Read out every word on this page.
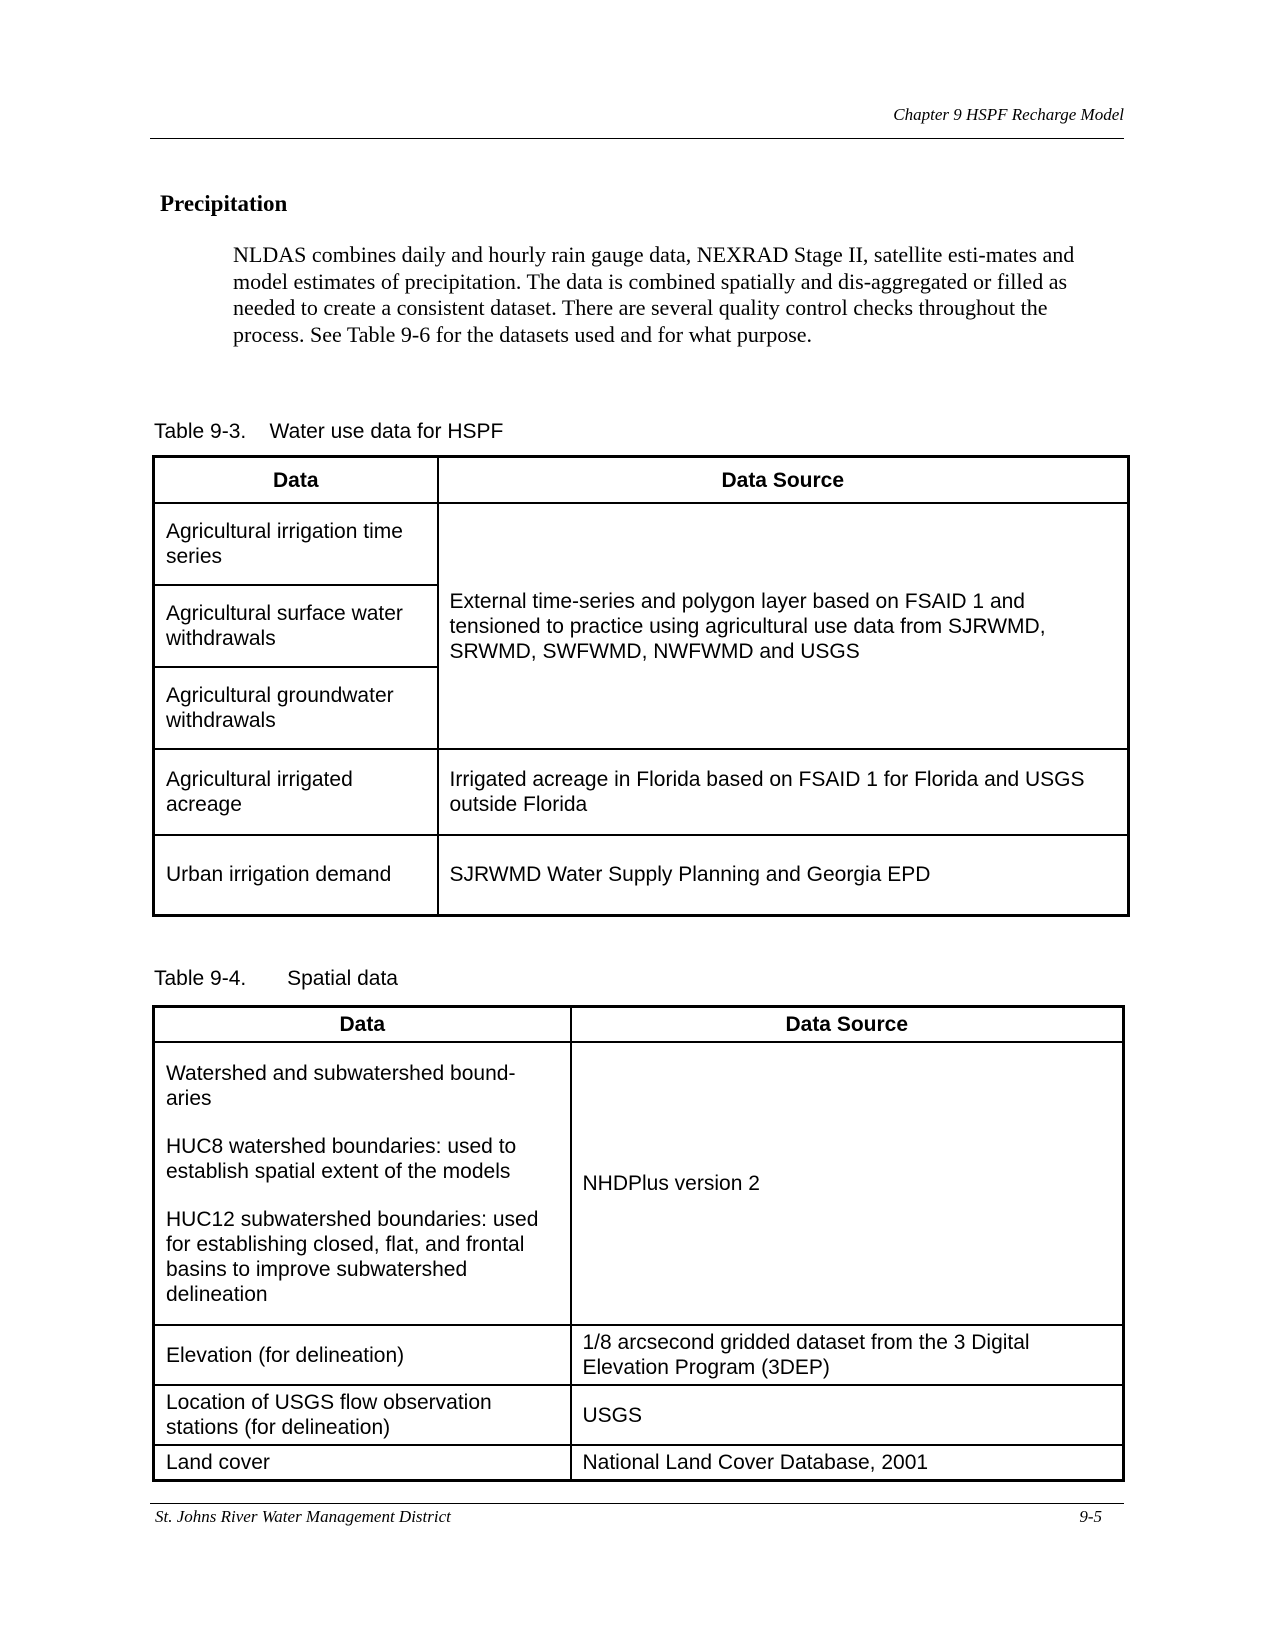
Chapter 9 HSPF Recharge Model
Precipitation

NLDAS combines daily and hourly rain gauge data, NEXRAD Stage II, satellite esti-mates and model estimates of precipitation. The data is combined spatially and dis-aggregated or filled as needed to create a consistent dataset. There are several quality control checks throughout the process. See Table 9-6 for the datasets used and for what purpose.

Table 9-3.    Water use data for HSPF
Data	Data Source
Agricultural irrigation time series	External time-series and polygon layer based on FSAID 1 and tensioned to practice using agricultural use data from SJRWMD, SRWMD, SWFWMD, NWFWMD and USGS
Agricultural surface water withdrawals	
Agricultural groundwater withdrawals	
Agricultural irrigated acreage	Irrigated acreage in Florida based on FSAID 1 for Florida and USGS outside Florida
Urban irrigation demand	SJRWMD Water Supply Planning and Georgia EPD
Table 9-4.       Spatial data
Data	Data Source

Watershed and subwatershed bound-aries

HUC8 watershed boundaries: used to establish spatial extent of the models

HUC12 subwatershed boundaries: used for establishing closed, flat, and frontal basins to improve subwatershed delineation	NHDPlus version 2
Elevation (for delineation)	1/8 arcsecond gridded dataset from the 3 Digital Elevation Program (3DEP)
Location of USGS flow observation stations (for delineation)	USGS
Land cover	National Land Cover Database, 2001
St. Johns River Water Management District	9-5
